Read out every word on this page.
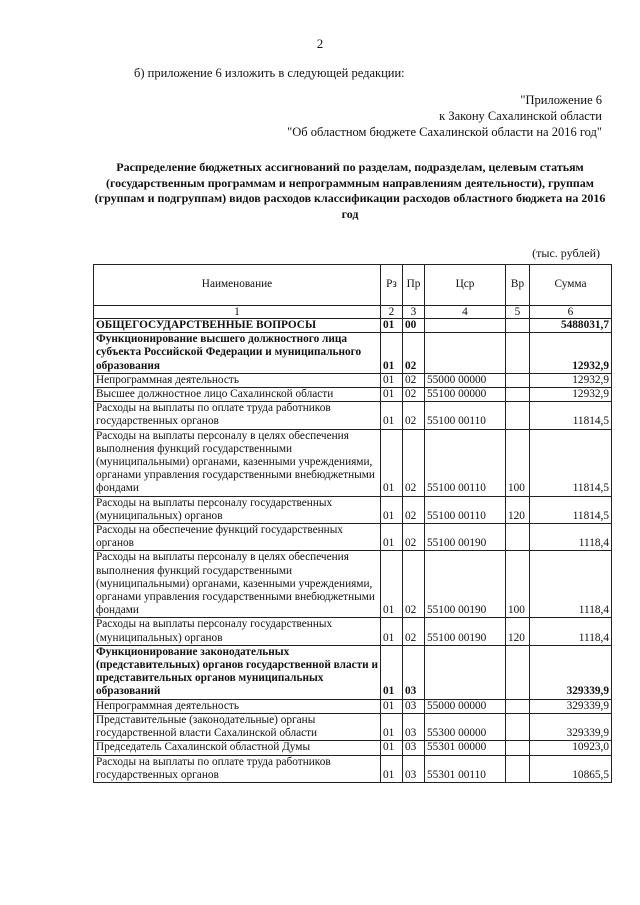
2
б) приложение 6 изложить в следующей редакции:
"Приложение 6
к Закону Сахалинской области
"Об областном бюджете Сахалинской области на 2016 год"
Распределение бюджетных ассигнований по разделам, подразделам, целевым статьям (государственным программам и непрограммным направлениям деятельности), группам (группам и подгруппам) видов расходов классификации расходов областного бюджета на 2016 год
(тыс. рублей)
Наименование	Рз	Пр	Цср	Вр	Сумма
1	2	3	4	5	6
ОБЩЕГОСУДАРСТВЕННЫЕ ВОПРОСЫ	01	00			5488031,7
Функционирование высшего должностного лица субъекта Российской Федерации и муниципального образования	01	02			12932,9
Непрограммная деятельность	01	02	55000 00000		12932,9
Высшее должностное лицо Сахалинской области	01	02	55100 00000		12932,9
Расходы на выплаты по оплате труда работников государственных органов	01	02	55100 00110		11814,5
Расходы на выплаты персоналу в целях обеспечения выполнения функций государственными (муниципальными) органами, казенными учреждениями, органами управления государственными внебюджетными фондами	01	02	55100 00110	100	11814,5
Расходы на выплаты персоналу государственных (муниципальных) органов	01	02	55100 00110	120	11814,5
Расходы на обеспечение функций государственных органов	01	02	55100 00190		1118,4
Расходы на выплаты персоналу в целях обеспечения выполнения функций государственными (муниципальными) органами, казенными учреждениями, органами управления государственными внебюджетными фондами	01	02	55100 00190	100	1118,4
Расходы на выплаты персоналу государственных (муниципальных) органов	01	02	55100 00190	120	1118,4
Функционирование законодательных (представительных) органов государственной власти и представительных органов муниципальных образований	01	03			329339,9
Непрограммная деятельность	01	03	55000 00000		329339,9
Представительные (законодательные) органы государственной власти Сахалинской области	01	03	55300 00000		329339,9
Председатель Сахалинской областной Думы	01	03	55301 00000		10923,0
Расходы на выплаты по оплате труда работников государственных органов	01	03	55301 00110		10865,5
